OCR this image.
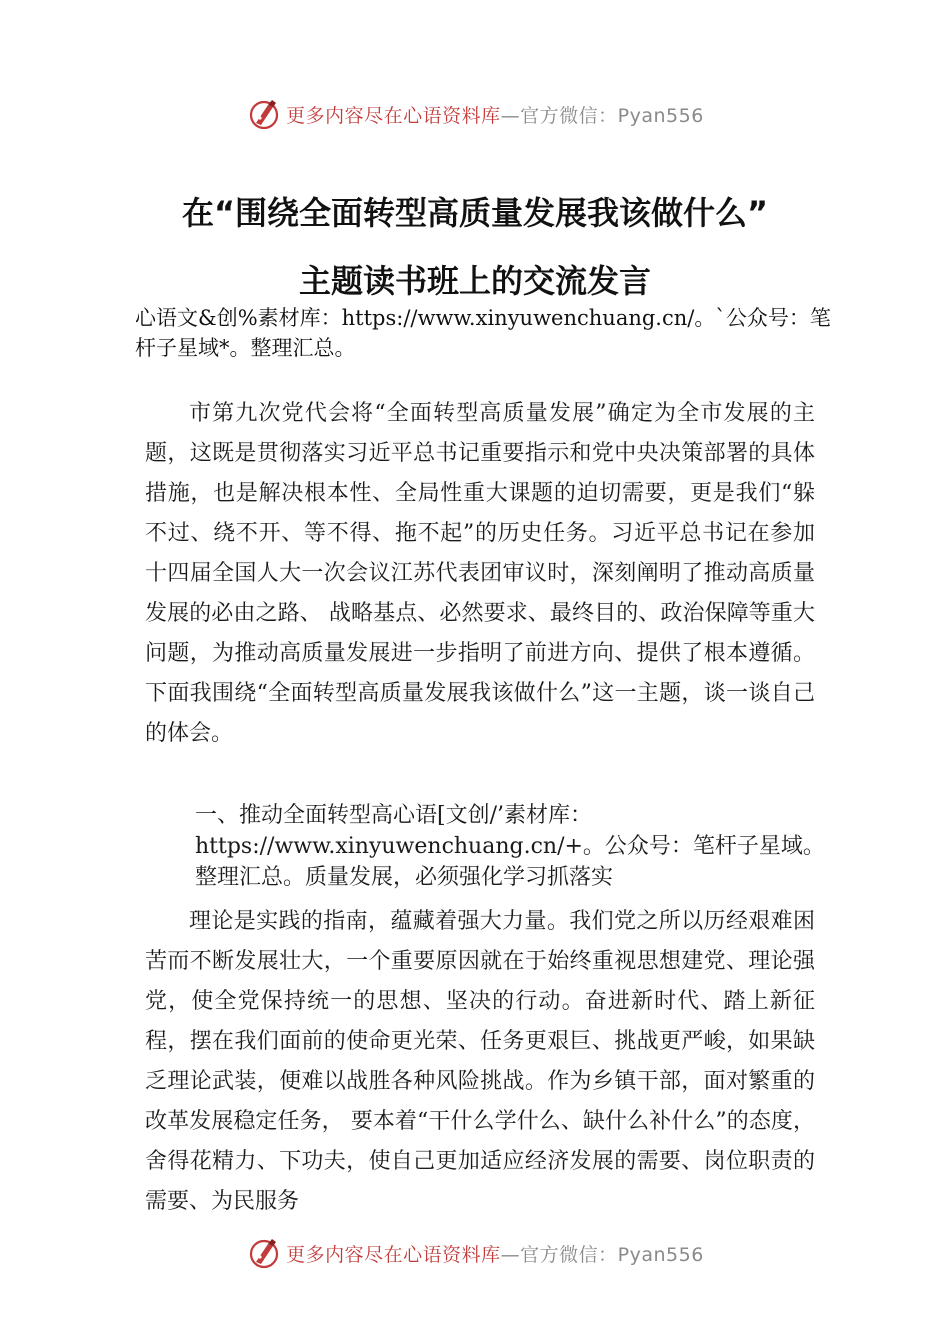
更多内容尽在心语资料库 —官方微信：Pyan556
在“围绕全面转型高质量发展我该做什么”
主题读书班上的交流发言
心语文&创%素材库：https://www.xinyuwenchuang.cn/。`公众号：笔杆子星域*。整理汇总。
市第九次党代会将“全面转型高质量发展”确定为全市发展的主题，这既是贯彻落实习近平总书记重要指示和党中央决策部署的具体措施，也是解决根本性、全局性重大课题的迫切需要，更是我们“躲不过、绕不开、等不得、拖不起”的历史任务。习近平总书记在参加十四届全国人大一次会议江苏代表团审议时，深刻阐明了推动高质量发展的必由之路、 战略基点、必然要求、最终目的、政治保障等重大问题，为推动高质量发展进一步指明了前进方向、提供了根本遵循。 下面我围绕“全面转型高质量发展我该做什么”这一主题，谈一谈自己的体会。
一、推动全面转型高心语[文创/’素材库：https://www.xinyuwenchuang.cn/+。公众号：笔杆子星域。整理汇总。质量发展，必须强化学习抓落实
理论是实践的指南，蕴藏着强大力量。我们党之所以历经艰难困苦而不断发展壮大，一个重要原因就在于始终重视思想建党、理论强党，使全党保持统一的思想、坚决的行动。奋进新时代、踏上新征程，摆在我们面前的使命更光荣、任务更艰巨、挑战更严峻，如果缺乏理论武装，便难以战胜各种风险挑战。作为乡镇干部，面对繁重的改革发展稳定任务， 要本着“干什么学什么、缺什么补什么”的态度，舍得花精力、下功夫，使自己更加适应经济发展的需要、岗位职责的需要、为民服务
更多内容尽在心语资料库 —官方微信：Pyan556
